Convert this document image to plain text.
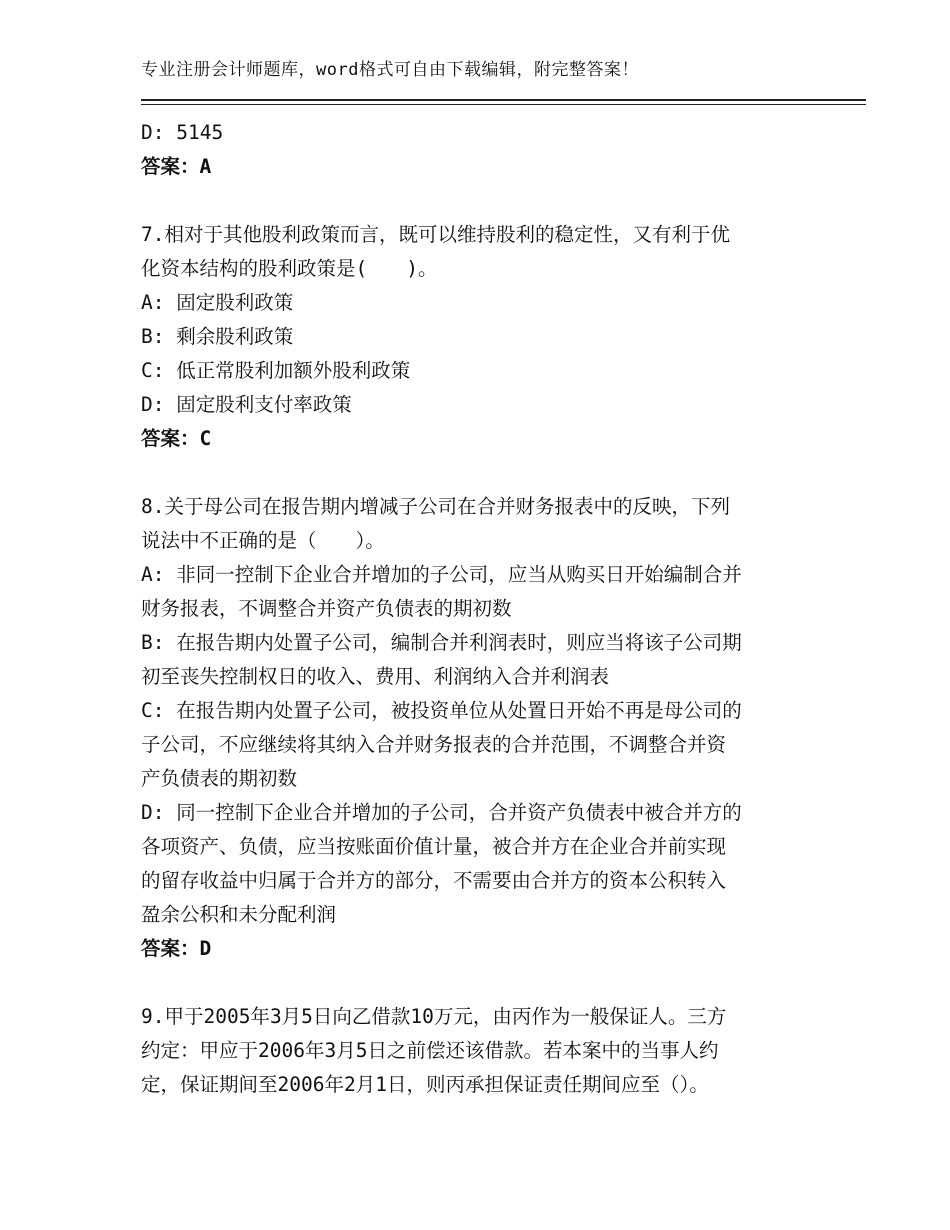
专业注册会计师题库，word格式可自由下载编辑，附完整答案！
D: 5145
答案：A
7.相对于其他股利政策而言，既可以维持股利的稳定性，又有利于优
化资本结构的股利政策是(　　)。
A: 固定股利政策
B: 剩余股利政策
C: 低正常股利加额外股利政策
D: 固定股利支付率政策
答案：C
8.关于母公司在报告期内增减子公司在合并财务报表中的反映，下列
说法中不正确的是（　　）。
A: 非同一控制下企业合并增加的子公司，应当从购买日开始编制合并
财务报表，不调整合并资产负债表的期初数
B: 在报告期内处置子公司，编制合并利润表时，则应当将该子公司期
初至丧失控制权日的收入、费用、利润纳入合并利润表
C: 在报告期内处置子公司，被投资单位从处置日开始不再是母公司的
子公司，不应继续将其纳入合并财务报表的合并范围，不调整合并资
产负债表的期初数
D: 同一控制下企业合并增加的子公司，合并资产负债表中被合并方的
各项资产、负债，应当按账面价值计量，被合并方在企业合并前实现
的留存收益中归属于合并方的部分，不需要由合并方的资本公积转入
盈余公积和未分配利润
答案：D
9.甲于2005年3月5日向乙借款10万元，由丙作为一般保证人。三方
约定：甲应于2006年3月5日之前偿还该借款。若本案中的当事人约
定，保证期间至2006年2月1日，则丙承担保证责任期间应至（）。
